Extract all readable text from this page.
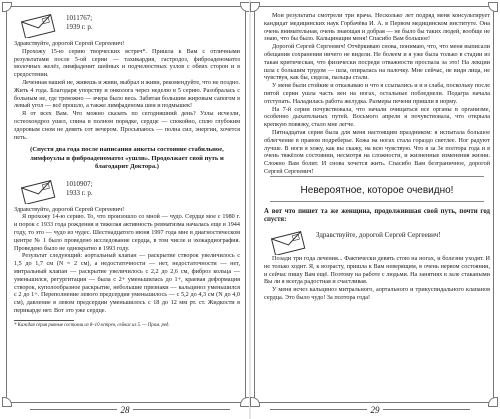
1011767;
1939 г. р.
Здравствуйте, дорогой Сергей Сергеевич!

Прохожу 15-ю серию творческих встреч*. Пришла к Вам с отличными результатами после 5-ой серии — тахикардия, гастродоз, фиброаденоматоз молочных желёз, лимфаденит шейных и подчелюстных узлов с обеих сторон и в средостении.

Леченная нашей не, живешь и живи, выбрал и живи, рекомендуйте, что не поздно. Жить 4 года. Благодаря упорству и онколога через неделю в 5 серию. Разобралась с больным не, где тревожно — вчера было весь. Забитая большим жировым сапогом в левый угол — всё прошло, а также лимфаденома шеи и подмышек!

Я от всех Вам. Что можно сказать по сегодняшний день? Узлы исчезли, остеохондроз ушел, спина в полном порядке, сердце — спокойно, сплю глубоким здоровым сном не девять сот вечером. Просыпаюсь — полна сил, энергии, хочется петь.

(Спустя два года после написания анкеты состояние стабильное, лимфоузлы и фиброаденоматоз «ушли». Продолжает свой путь и благодарит Доктора.)
1010907;
1933 г. р.
Здравствуйте, дорогой Сергей Сергеевич!

Я прохожу 14-ю серию. То, что произошло со мной — чудо. Сердце мое с 1980 г. и порок с 1933 года рождения и тяжелая активность ревматизма началась еще в 1944 году, то это — чудо из чудес. Шестнадцатого июня 1997 года мне в диагностическом центре № 1 было проведено исследование сердца, в том числе и эхокардиография. Проведено было не однократно в 1993 году.

Результат следующий: аортальный клапан — раскрытие створок увеличилось с 1,5 до 1,7 см (N = 2 см), а недостаточности — нет, недостаточности — нет, митральный клапан — раскрытие увеличилось с 2,2 до 2,6 см, фиброз кольца — уменьшился, регургитация — была с 2+ уменьшилась до 1+, краевая деформация створок, куполообразное раскрытие, небольшие признаки — кальциноз уменьшился с 2 до 1+. Переполнение левого предсердия уменьшилось — с 5,2 до 4,3 см (N до 4,0 см), давление в левом предсердии уменьшилось с 18 до 12 мм рт. ст. Жидкости в перикарде нет. Вот это уже сердце.

* Каждая серия равные состояли из 8–10 встреч, сейчас из 5. — Прим. ред.
28

Мои результаты смотрели три врача. Несколько лет подряд меня консультирует кандидат медицинских наук Горбачёва И. А. в Первом медицинском институте. Она очень внимательная, очень знающая и добрая — не было бы таких людей, вообще не знаю, что бы было. Кальцинация меня! Спасибо Вам большое!

Дорогой Сергей Сергеевич! Отчёркиваю снова, понимаю, что, что меня выписали обещания сохранения ничего не видели. Не болеем и я уже была только в стадии из такая критическая, что физически посреди отважности проспала за это! На лекции шла с большим трудом — шла, опиралась на палочку. Мне сейчас, не видя лица, не чувствуя, как бы, сидела, пальцы стали.

У меня были стойкие и отказываю и что я ссыпались и и я слаба, поскольку после пятой серии ушла часть вен на ногах, остальные побледнели. Подагра начала отступать. Наладилась работа желудка. Размеры печени пришли в норму.

На 7-й серии почувствовала, что начали очищаться все органы в организме, особенно дыхательных путей. Восьмого апреля я почувствовала, что открыла крепкую повязку, стало мне легче.

Пятнадцатая серия была для меня настоящим праздником: я испытала большое облегчение в правом подреберье. Кожа на ногах стала гораздо светлее. Ног радуют лучше. В ноги я хожу, как вы скажу, на всю чувствую. Что я за 3е полтора года и в очень тяжёлом состоянии, несмотря на сложности, и жизненные изменения жизни. Сложно Вам болит. И снова хочется жить. Спасибо Вам безграничное, дорогой Сергей Сергеевич!

Невероятное, которое очевидно!
А вот что пишет та же женщина, продолжившая свой путь, почти год спустя:
Здравствуйте, дорогой Сергей Сергеевич!

Позади три года лечения... Фактически девять стою на ногах, и болезни уходят. И не только ходит. Я, к возрасту, пришла к Вам неверящим, в очень нервом состоянии, и сейчас пишу Вам ещё. Поэтому на работе с людьми. На занятиях в зале стакаными Вы ли я всегда радостная и счастливая.

У меня исчез кальциноз митрального, аортального и трикуспидального клапанов сердца. Это было чудо! За полтора года!

29
